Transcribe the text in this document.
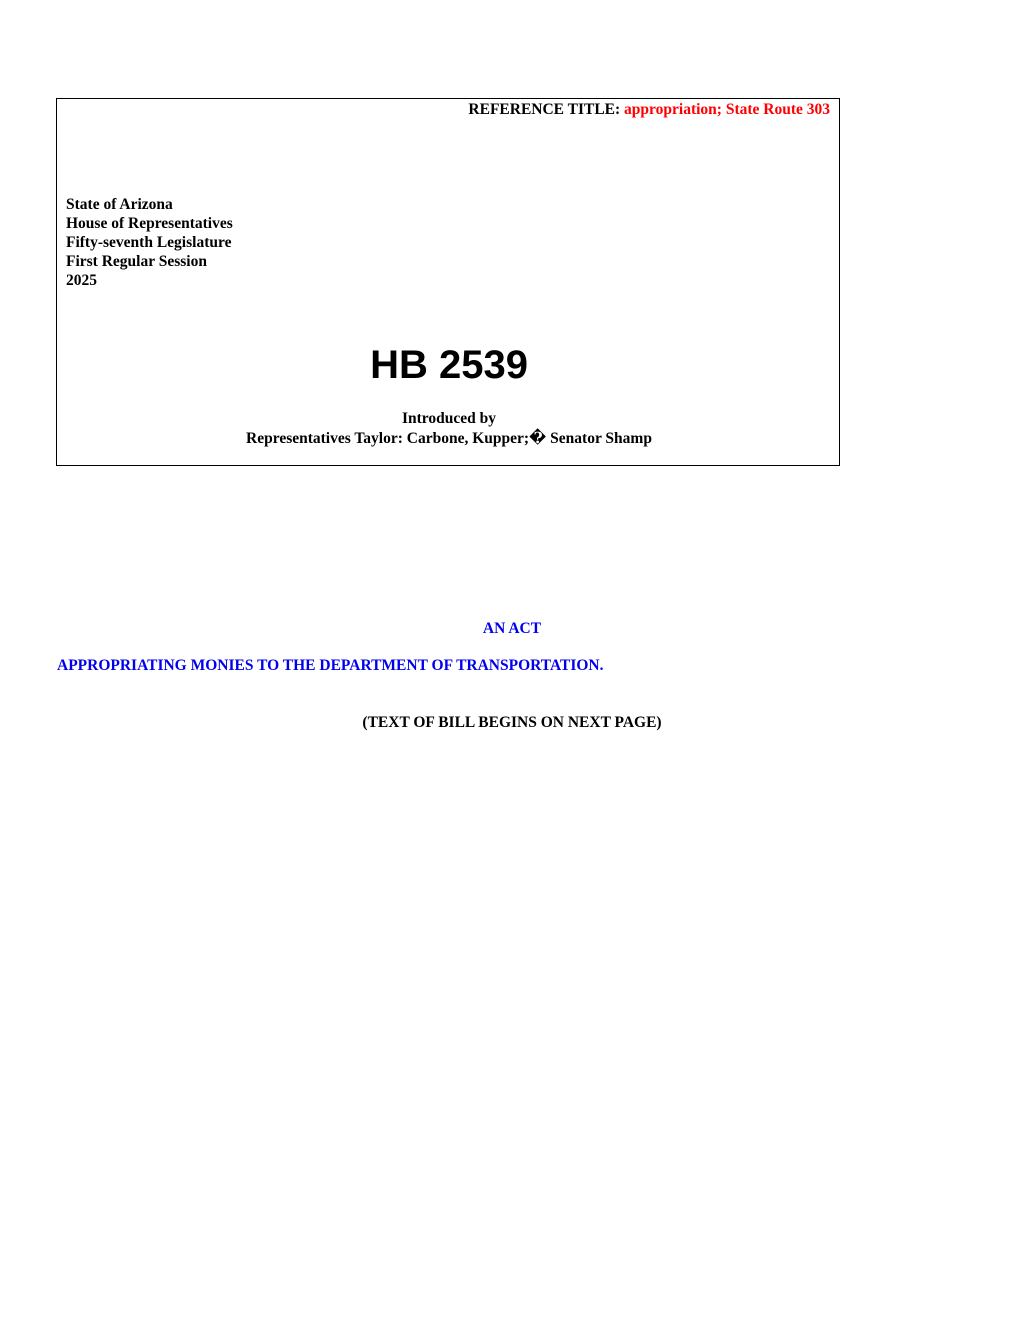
REFERENCE TITLE: appropriation; State Route 303
State of Arizona
House of Representatives
Fifty-seventh Legislature
First Regular Session
2025
HB 2539
Introduced by
Representatives Taylor: Carbone, Kupper;� Senator Shamp
AN ACT
APPROPRIATING MONIES TO THE DEPARTMENT OF TRANSPORTATION.
(TEXT OF BILL BEGINS ON NEXT PAGE)
